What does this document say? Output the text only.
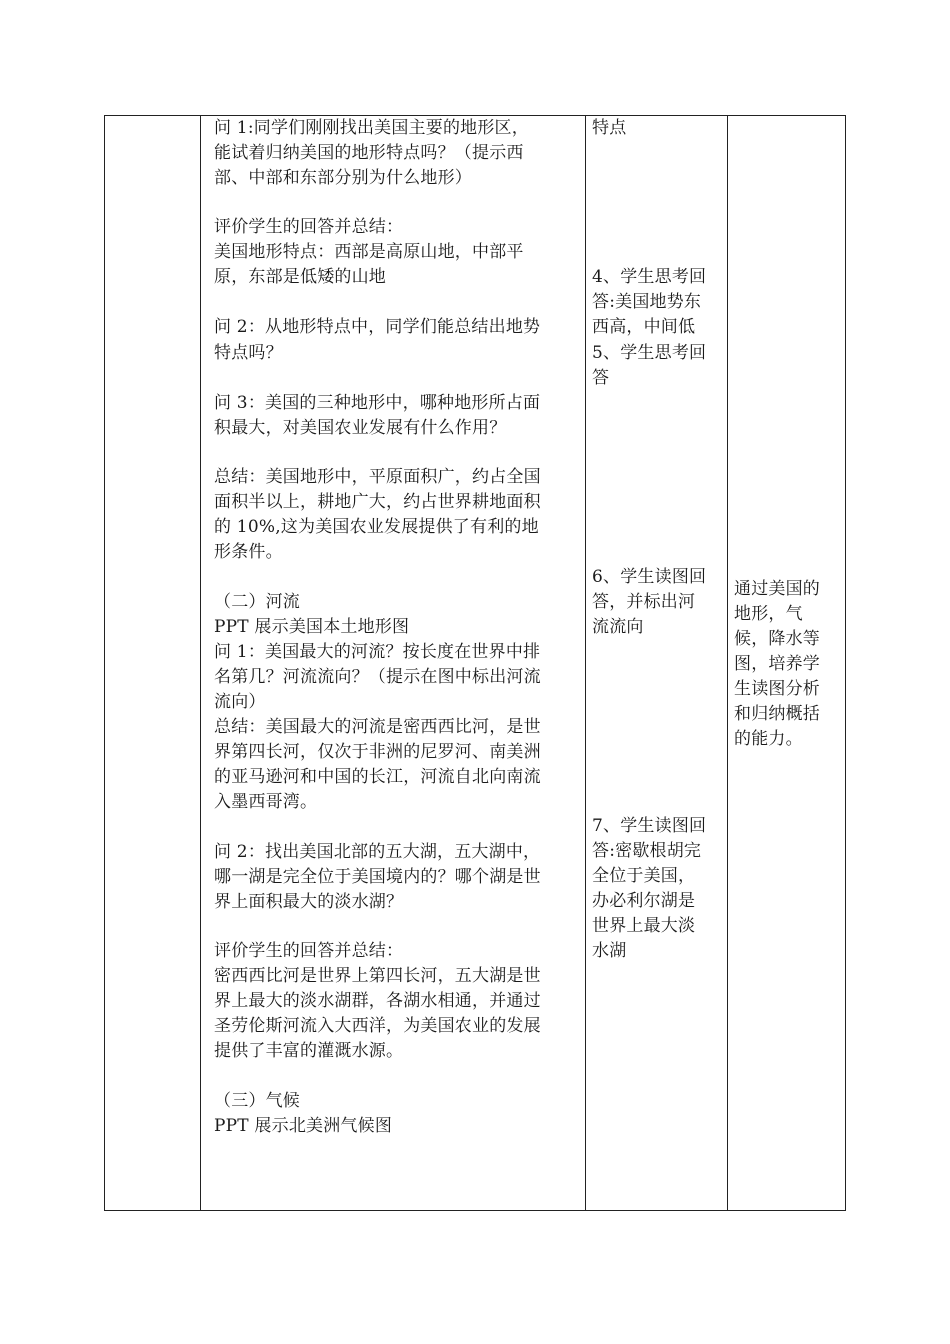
问 1:同学们刚刚找出美国主要的地形区，
能试着归纳美国的地形特点吗？（提示西
部、中部和东部分别为什么地形）
评价学生的回答并总结：
美国地形特点：西部是高原山地，中部平
原，东部是低矮的山地
问 2：从地形特点中，同学们能总结出地势
特点吗？
问 3：美国的三种地形中，哪种地形所占面
积最大，对美国农业发展有什么作用？
总结：美国地形中，平原面积广，约占全国
面积半以上，耕地广大，约占世界耕地面积
的 10%,这为美国农业发展提供了有利的地
形条件。
（二）河流
PPT 展示美国本土地形图
问 1：美国最大的河流？按长度在世界中排
名第几？河流流向？（提示在图中标出河流
流向）
总结：美国最大的河流是密西西比河，是世
界第四长河，仅次于非洲的尼罗河、南美洲
的亚马逊河和中国的长江，河流自北向南流
入墨西哥湾。
问 2：找出美国北部的五大湖，五大湖中，
哪一湖是完全位于美国境内的？哪个湖是世
界上面积最大的淡水湖？
评价学生的回答并总结：
密西西比河是世界上第四长河，五大湖是世
界上最大的淡水湖群，各湖水相通，并通过
圣劳伦斯河流入大西洋，为美国农业的发展
提供了丰富的灌溉水源。
（三）气候
PPT 展示北美洲气候图
特点
4、学生思考回
答:美国地势东
西高，中间低
5、学生思考回
答
6、学生读图回
答，并标出河
流流向
7、学生读图回
答:密歇根胡完
全位于美国，
办必利尔湖是
世界上最大淡
水湖
通过美国的
地形，气
候，降水等
图，培养学
生读图分析
和归纳概括
的能力。
